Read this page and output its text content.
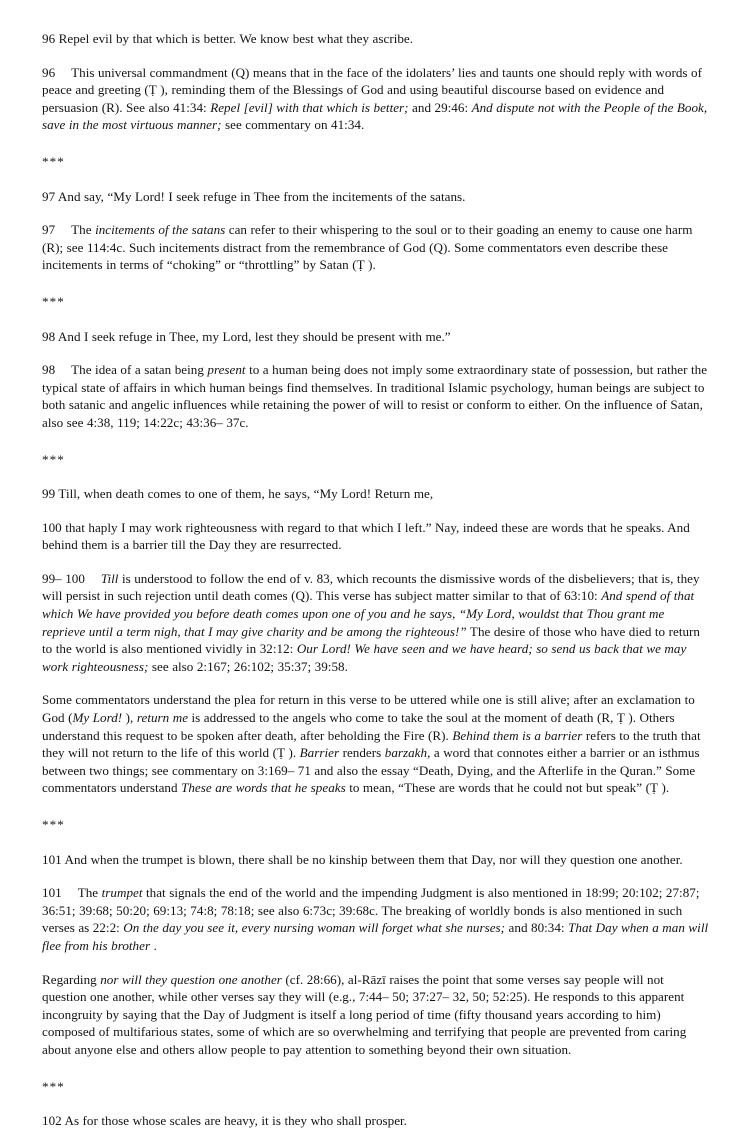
96 Repel evil by that which is better. We know best what they ascribe.

96 This universal commandment (Q) means that in the face of the idolaters’ lies and taunts one should reply with words of peace and greeting (Ṭ ), reminding them of the Blessings of God and using beautiful discourse based on evidence and persuasion (R). See also 41:34: Repel [evil] with that which is better; and 29:46: And dispute not with the People of the Book, save in the most virtuous manner; see commentary on 41:34.

***

97 And say, “My Lord! I seek refuge in Thee from the incitements of the satans.

97 The incitements of the satans can refer to their whispering to the soul or to their goading an enemy to cause one harm (R); see 114:4c. Such incitements distract from the remembrance of God (Q). Some commentators even describe these incitements in terms of “choking” or “throttling” by Satan (Ṭ ).

***

98 And I seek refuge in Thee, my Lord, lest they should be present with me.”

98 The idea of a satan being present to a human being does not imply some extraordinary state of possession, but rather the typical state of affairs in which human beings find themselves. In traditional Islamic psychology, human beings are subject to both satanic and angelic influences while retaining the power of will to resist or conform to either. On the influence of Satan, also see 4:38, 119; 14:22c; 43:36– 37c.

***

99 Till, when death comes to one of them, he says, “My Lord! Return me,

100 that haply I may work righteousness with regard to that which I left.” Nay, indeed these are words that he speaks. And behind them is a barrier till the Day they are resurrected.

99– 100 Till is understood to follow the end of v. 83, which recounts the dismissive words of the disbelievers; that is, they will persist in such rejection until death comes (Q). This verse has subject matter similar to that of 63:10: And spend of that which We have provided you before death comes upon one of you and he says, “My Lord, wouldst that Thou grant me reprieve until a term nigh, that I may give charity and be among the righteous!” The desire of those who have died to return to the world is also mentioned vividly in 32:12: Our Lord! We have seen and we have heard; so send us back that we may work righteousness; see also 2:167; 26:102; 35:37; 39:58.

Some commentators understand the plea for return in this verse to be uttered while one is still alive; after an exclamation to God (My Lord! ), return me is addressed to the angels who come to take the soul at the moment of death (R, Ṭ ). Others understand this request to be spoken after death, after beholding the Fire (R). Behind them is a barrier refers to the truth that they will not return to the life of this world (Ṭ ). Barrier renders barzakh, a word that connotes either a barrier or an isthmus between two things; see commentary on 3:169– 71 and also the essay “Death, Dying, and the Afterlife in the Quran.” Some commentators understand These are words that he speaks to mean, “These are words that he could not but speak” (Ṭ ).

***

101 And when the trumpet is blown, there shall be no kinship between them that Day, nor will they question one another.

101 The trumpet that signals the end of the world and the impending Judgment is also mentioned in 18:99; 20:102; 27:87; 36:51; 39:68; 50:20; 69:13; 74:8; 78:18; see also 6:73c; 39:68c. The breaking of worldly bonds is also mentioned in such verses as 22:2: On the day you see it, every nursing woman will forget what she nurses; and 80:34: That Day when a man will flee from his brother .

Regarding nor will they question one another (cf. 28:66), al-Rāzī raises the point that some verses say people will not question one another, while other verses say they will (e.g., 7:44– 50; 37:27– 32, 50; 52:25). He responds to this apparent incongruity by saying that the Day of Judgment is itself a long period of time (fifty thousand years according to him) composed of multifarious states, some of which are so overwhelming and terrifying that people are prevented from caring about anyone else and others allow people to pay attention to something beyond their own situation.

***

102 As for those whose scales are heavy, it is they who shall prosper.
